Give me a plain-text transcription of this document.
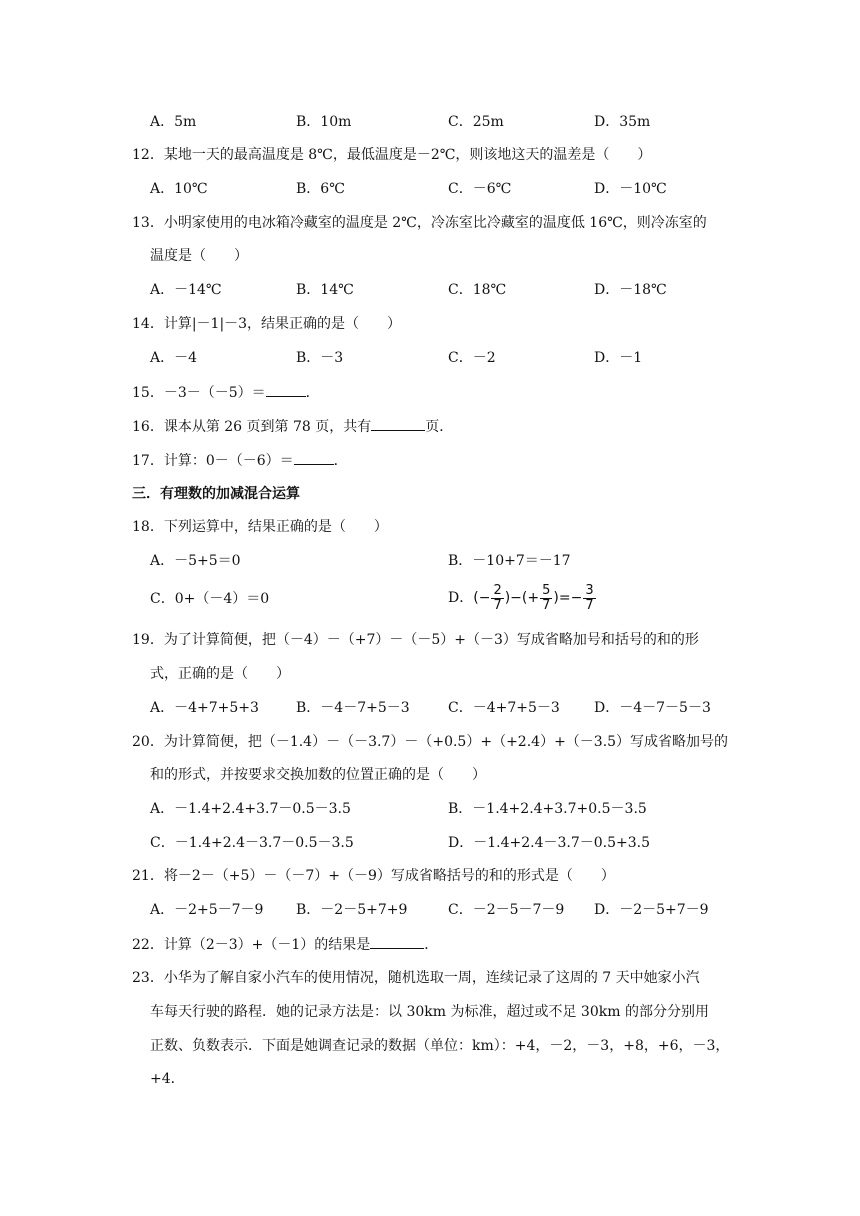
A．5m	B．10m	C．25m	D．35m
12．某地一天的最高温度是 8℃，最低温度是－2℃，则该地这天的温差是（　　）
A．10℃	B．6℃	C．－6℃	D．－10℃
13．小明家使用的电冰箱冷藏室的温度是 2℃，冷冻室比冷藏室的温度低 16℃，则冷冻室的
温度是（　　）
A．－14℃	B．14℃	C．18℃	D．－18℃
14．计算|－1|－3，结果正确的是（　　）
A．－4	B．－3	C．－2	D．－1
15．－3－（－5）＝	．
16．课本从第 26 页到第 78 页，共有	页．
17．计算：0－（－6）＝	．
三．有理数的加减混合运算
18．下列运算中，结果正确的是（　　）
A．－5+5＝0	B．－10+7＝－17
C．0+（－4）＝0	D．(− $\frac{2}{7}$ )−(+ $\frac{5}{7}$ )=− $\frac{3}{7}$
19．为了计算简便，把（－4）－（+7）－（－5）+（－3）写成省略加号和括号的和的形
式，正确的是（　　）
A．－4+7+5+3	B．－4－7+5－3	C．－4+7+5－3 D．－4－7－5－3
20．为计算简便，把（－1.4）－（－3.7）－（+0.5）+（+2.4）+（－3.5）写成省略加号的
和的形式，并按要求交换加数的位置正确的是（　　）
A．－1.4+2.4+3.7－0.5－3.5	B．－1.4+2.4+3.7+0.5－3.5
C．－1.4+2.4－3.7－0.5－3.5	D．－1.4+2.4－3.7－0.5+3.5
21．将－2－（+5）－（－7）+（－9）写成省略括号的和的形式是（　　）
A．－2+5－7－9 B．－2－5+7+9	C．－2－5－7－9 D．－2－5+7－9
22．计算（2－3）+（－1）的结果是	．
23．小华为了解自家小汽车的使用情况，随机选取一周，连续记录了这周的 7 天中她家小汽
车每天行驶的路程．她的记录方法是：以 30km 为标准，超过或不足 30km 的部分分别用
正数、负数表示．下面是她调查记录的数据（单位：km）：+4，－2，－3，+8，+6，－3，
+4．
